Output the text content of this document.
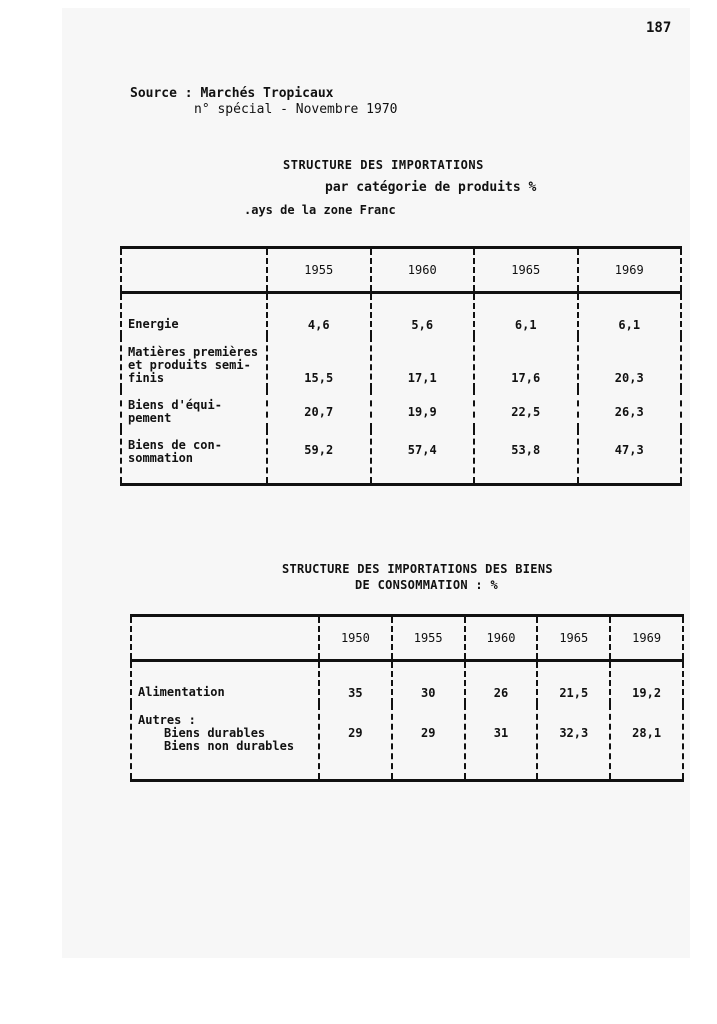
187
Source : Marchés Tropicaux
n° spécial - Novembre 1970
STRUCTURE DES IMPORTATIONS
par catégorie de produits %
.ays de la zone Franc
	1955	1960	1965	1969
Energie	4,6	5,6	6,1	6,1
Matières premières et produits semi-finis	15,5	17,1	17,6	20,3
Biens d'équi-pement	20,7	19,9	22,5	26,3
Biens de con-sommation	59,2	57,4	53,8	47,3
STRUCTURE DES IMPORTATIONS DES BIENS
DE CONSOMMATION : %
	1950	1955	1960	1965	1969
Alimentation	35	30	26	21,5	19,2
Autres :
Biens durables
Biens non durables	29	29	31	32,3	28,1
